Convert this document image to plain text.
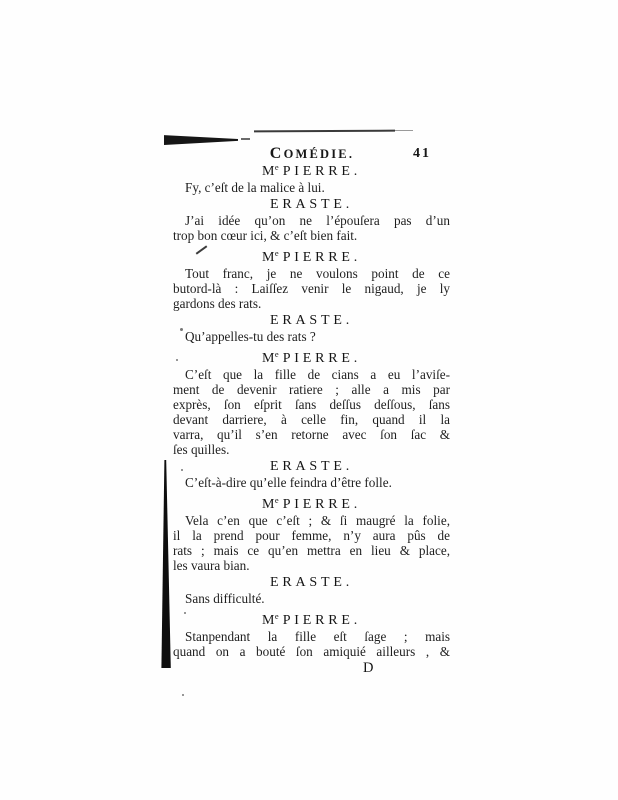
COMÉDIE.	41
Me PIERRE.
Fy, c’eſt de la malice à lui.
ERASTE.
J’ai idée qu’on ne l’épouſera pas d’un
trop bon cœur ici, & c’eſt bien fait.
Me PIERRE.
Tout franc, je ne voulons point de ce
butord-là : Laiſſez venir le nigaud, je ly
gardons des rats.
ERASTE.
Qu’appelles-tu des rats ?
Me PIERRE.
C’eſt que la fille de cians a eu l’aviſe-
ment de devenir ratiere ; alle a mis par
exprès, ſon eſprit ſans deſſus deſſous, ſans
devant darriere, à celle fin, quand il la
varra, qu’il s’en retorne avec ſon ſac &
ſes quilles.
ERASTE.
C’eſt-à-dire qu’elle feindra d’être folle.
Me PIERRE.
Vela c’en que c’eſt ; & ſi maugré la folie,
il la prend pour femme, n’y aura pûs de
rats ; mais ce qu’en mettra en lieu & place,
les vaura bian.
ERASTE.
Sans difficulté.
Me PIERRE.
Stanpendant la fille eſt ſage ; mais
quand on a bouté ſon amiquié ailleurs , &
D
